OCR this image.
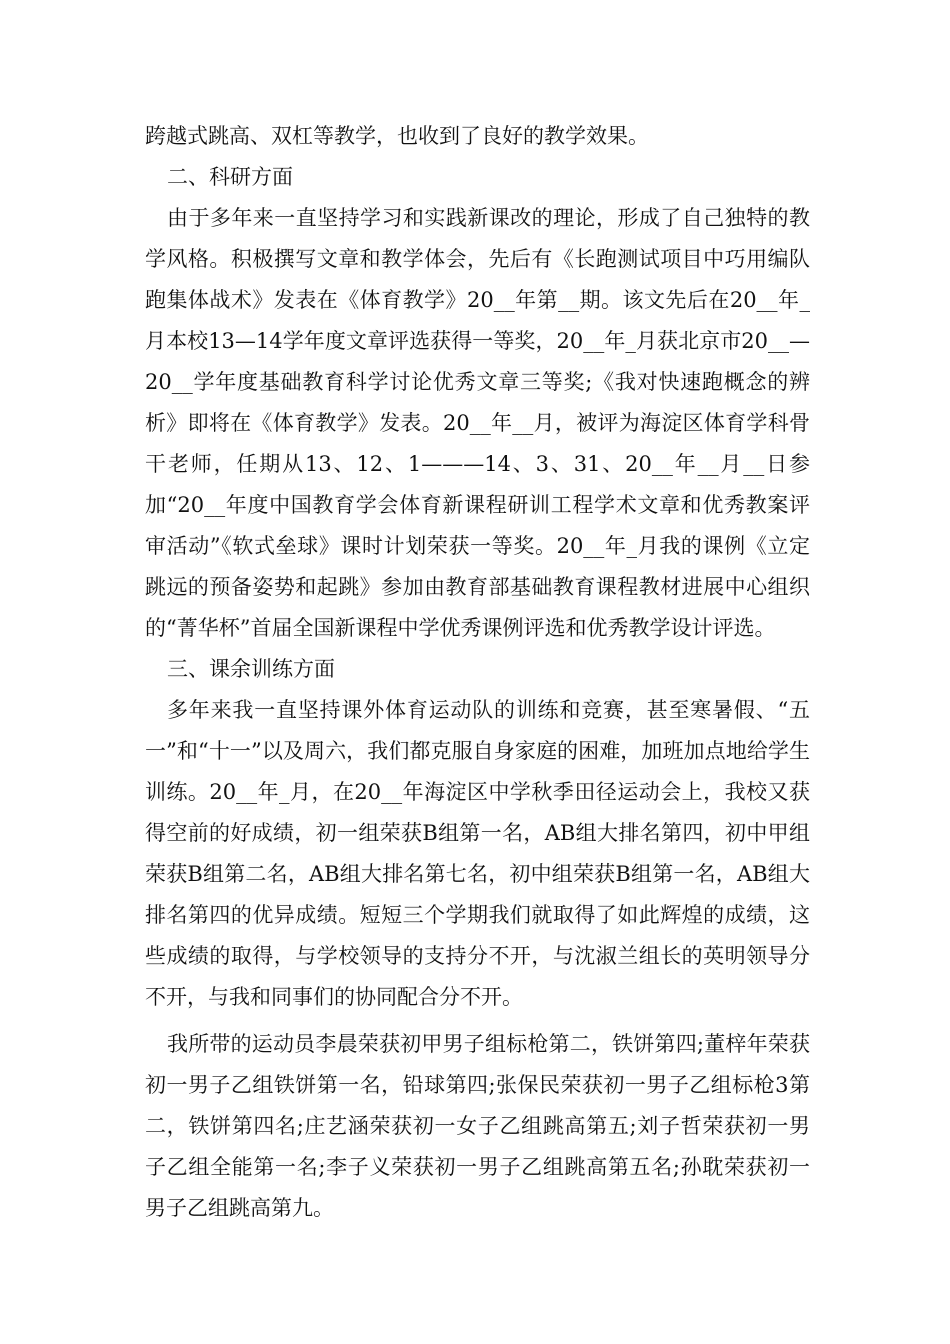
跨越式跳高、双杠等教学，也收到了良好的教学效果。

二、科研方面

由于多年来一直坚持学习和实践新课改的理论，形成了自己独特的教学风格。积极撰写文章和教学体会，先后有《长跑测试项目中巧用编队跑集体战术》发表在《体育教学》20__年第__期。该文先后在20__年_月本校13—14学年度文章评选获得一等奖，20__年_月获北京市20__—20__学年度基础教育科学讨论优秀文章三等奖;《我对快速跑概念的辨析》即将在《体育教学》发表。20__年__月，被评为海淀区体育学科骨干老师，任期从13、12、1———14、3、31、20__年__月__日参加“20__年度中国教育学会体育新课程研训工程学术文章和优秀教案评审活动”《软式垒球》课时计划荣获一等奖。20__年_月我的课例《立定跳远的预备姿势和起跳》参加由教育部基础教育课程教材进展中心组织的“菁华杯”首届全国新课程中学优秀课例评选和优秀教学设计评选。

三、课余训练方面

多年来我一直坚持课外体育运动队的训练和竞赛，甚至寒暑假、“五一”和“十一”以及周六，我们都克服自身家庭的困难，加班加点地给学生训练。20__年_月，在20__年海淀区中学秋季田径运动会上，我校又获得空前的好成绩，初一组荣获B组第一名，AB组大排名第四，初中甲组荣获B组第二名，AB组大排名第七名，初中组荣获B组第一名，AB组大排名第四的优异成绩。短短三个学期我们就取得了如此辉煌的成绩，这些成绩的取得，与学校领导的支持分不开，与沈淑兰组长的英明领导分不开，与我和同事们的协同配合分不开。

我所带的运动员李晨荣获初甲男子组标枪第二，铁饼第四;董梓年荣获初一男子乙组铁饼第一名，铅球第四;张保民荣获初一男子乙组标枪3第二，铁饼第四名;庄艺涵荣获初一女子乙组跳高第五;刘子哲荣获初一男子乙组全能第一名;李子义荣获初一男子乙组跳高第五名;孙耽荣获初一男子乙组跳高第九。
